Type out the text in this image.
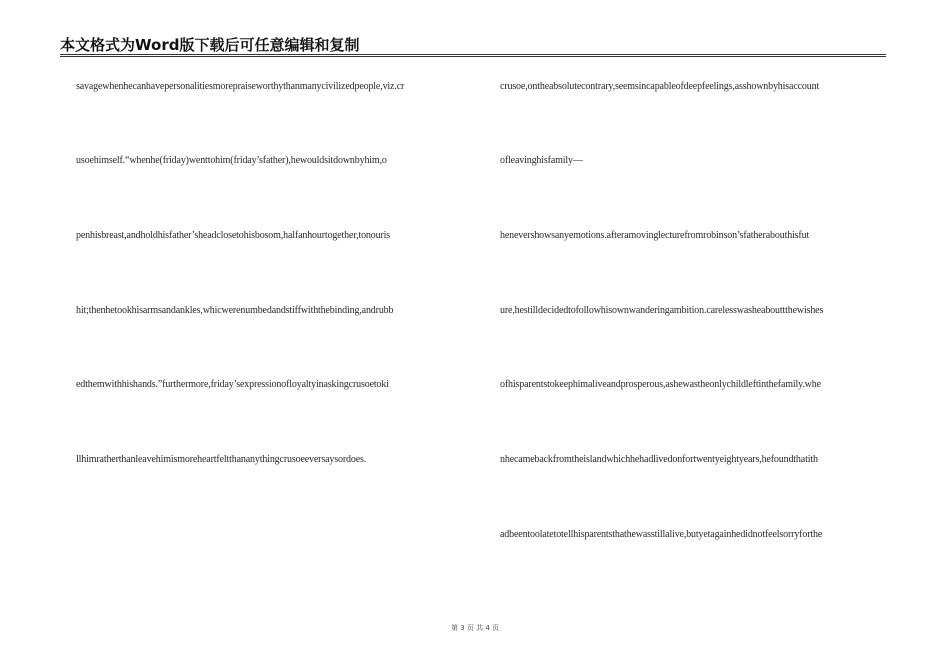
本文格式为Word版下载后可任意编辑和复制
savagewhenhecanhavepersonalitiesmorepraiseworthythanmanycivilizedpeople,viz.cr
usoehimself.“whenhe(friday)wenttohim(friday’sfather),hewouldsitdownbyhim,o
penhisbreast,andholdhisfather’sheadclosetohisbosom,halfanhourtogether,tonouris
hit;thenhetookhisarmsandankles,whicwerenumbedandstiffwiththebinding,andrubb
edthemwithhishands.”furthermore,friday’sexpressionofloyaltyinaskingcrusoetoki
llhimratherthanleavehimismoreheartfeltthananythingcrusoeeversaysordoes.
crusoe,ontheabsolutecontrary,seemsincapableofdeepfeelings,asshownbyhisaccount
ofleavinghisfamily—
henevershowsanyemotions.afteramovinglecturefromrobinson’sfatherabouthisfut
ure,hestilldecidedtofollowhisownwanderingambition.carelesswasheabouttthewishes
ofhisparentstokeephimaliveandprosperous,ashewastheonlychildleftinthefamily.whe
nhecamebackfromtheislandwhichhehadlivedonfortwentyeightyears,hefoundthatith
adbeentoolatetotellhisparentsthathewasstillalive,butyetagainhedidnotfeelsorryforthe
第 3 页 共 4 页
